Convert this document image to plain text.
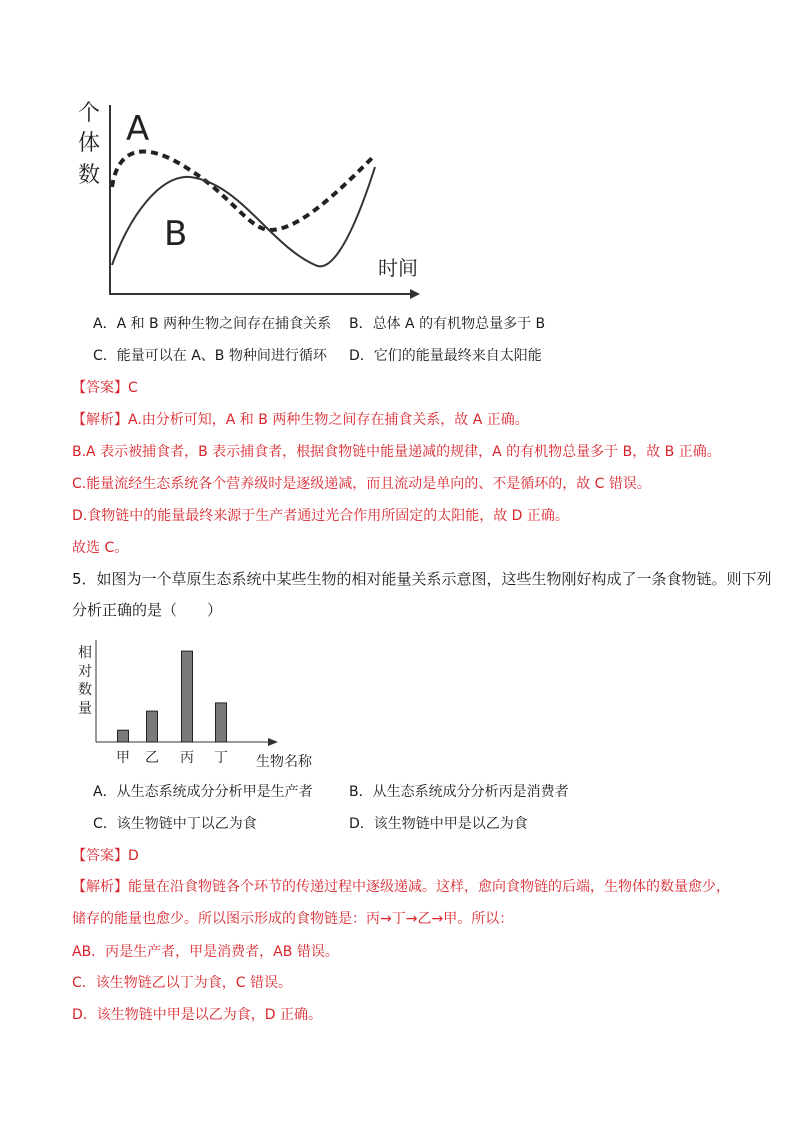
个
体
数
A
B
时间
A．A 和 B 两种生物之间存在捕食关系 B．总体 A 的有机物总量多于 B
C．能量可以在 A、B 物种间进行循环 D．它们的能量最终来自太阳能
【答案】C
【解析】A.由分析可知，A 和 B 两种生物之间存在捕食关系，故 A 正确。
B.A 表示被捕食者，B 表示捕食者，根据食物链中能量递减的规律，A 的有机物总量多于 B，故 B 正确。
C.能量流经生态系统各个营养级时是逐级递减，而且流动是单向的、不是循环的，故 C 错误。
D.食物链中的能量最终来源于生产者通过光合作用所固定的太阳能，故 D 正确。
故选 C。
5．如图为一个草原生态系统中某些生物的相对能量关系示意图，这些生物刚好构成了一条食物链。则下列
分析正确的是（　　）
相
对
数
量
生物名称
甲 乙 丙 丁
A．从生态系统成分分析甲是生产者	B．从生态系统成分分析丙是消费者
C．该生物链中丁以乙为食	D．该生物链中甲是以乙为食
【答案】D
【解析】能量在沿食物链各个环节的传递过程中逐级递减。这样，愈向食物链的后端，生物体的数量愈少，
储存的能量也愈少。所以图示形成的食物链是：丙→丁→乙→甲。所以：
AB．丙是生产者，甲是消费者，AB 错误。
C．该生物链乙以丁为食，C 错误。
D．该生物链中甲是以乙为食，D 正确。
